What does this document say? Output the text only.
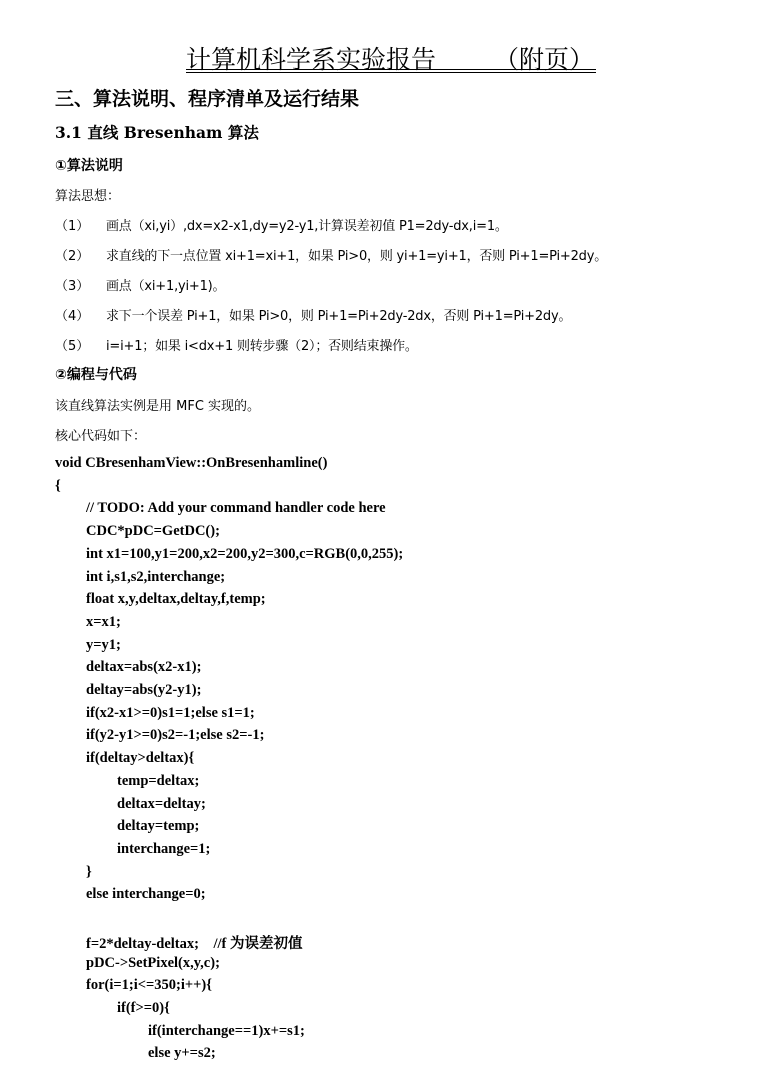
计算机科学系实验报告 （附页）
三、算法说明、程序清单及运行结果
3.1 直线 Bresenham 算法
①算法说明
算法思想：
（1） 画点（xi,yi）,dx=x2-x1,dy=y2-y1,计算误差初值 P1=2dy-dx,i=1。
（2） 求直线的下一点位置 xi+1=xi+1，如果 Pi>0，则 yi+1=yi+1，否则 Pi+1=Pi+2dy。
（3） 画点（xi+1,yi+1)。
（4） 求下一个误差 Pi+1，如果 Pi>0，则 Pi+1=Pi+2dy-2dx，否则 Pi+1=Pi+2dy。
（5） i=i+1；如果 i<dx+1 则转步骤（2）；否则结束操作。
②编程与代码
该直线算法实例是用 MFC 实现的。
核心代码如下：
void CBresenhamView::OnBresenhamline()
{
// TODO: Add your command handler code here
CDC*pDC=GetDC();
int x1=100,y1=200,x2=200,y2=300,c=RGB(0,0,255);
int i,s1,s2,interchange;
float x,y,deltax,deltay,f,temp;
x=x1;
y=y1;
deltax=abs(x2-x1);
deltay=abs(y2-y1);
if(x2-x1>=0)s1=1;else s1=1;
if(y2-y1>=0)s2=-1;else s2=-1;
if(deltay>deltax){
temp=deltax;
deltax=deltay;
deltay=temp;
interchange=1;
}
else interchange=0;
f=2*deltay-deltax;    //f 为误差初值
pDC->SetPixel(x,y,c);
for(i=1;i<=350;i++){
if(f>=0){
if(interchange==1)x+=s1;
else y+=s2;
